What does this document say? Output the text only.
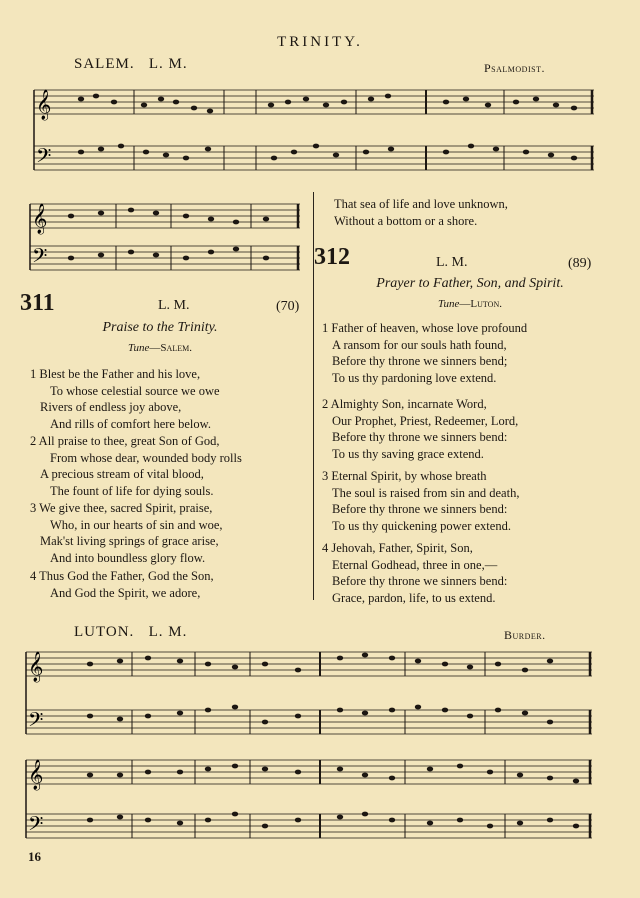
TRINITY.
SALEM. L. M.	Psalmodist.
𝄞
𝄢
𝄞
𝄢
311	L. M.	(70)
Praise to the Trinity.
Tune—Salem.
1 Blest be the Father and his love,
To whose celestial source we owe
Rivers of endless joy above,
And rills of comfort here below.
2 All praise to thee, great Son of God,
From whose dear, wounded body rolls
A precious stream of vital blood,
The fount of life for dying souls.
3 We give thee, sacred Spirit, praise,
Who, in our hearts of sin and woe,
Mak'st living springs of grace arise,
And into boundless glory flow.
4 Thus God the Father, God the Son,
And God the Spirit, we adore,
That sea of life and love unknown,
Without a bottom or a shore.
312	L. M.	(89)
Prayer to Father, Son, and Spirit.
Tune—Luton.
1 Father of heaven, whose love profound
A ransom for our souls hath found,
Before thy throne we sinners bend;
To us thy pardoning love extend.
2 Almighty Son, incarnate Word,
Our Prophet, Priest, Redeemer, Lord,
Before thy throne we sinners bend:
To us thy saving grace extend.
3 Eternal Spirit, by whose breath
The soul is raised from sin and death,
Before thy throne we sinners bend:
To us thy quickening power extend.
4 Jehovah, Father, Spirit, Son,
Eternal Godhead, three in one,—
Before thy throne we sinners bend:
Grace, pardon, life, to us extend.
LUTON. L. M.	Burder.
𝄞
𝄢
𝄞
𝄢
16
